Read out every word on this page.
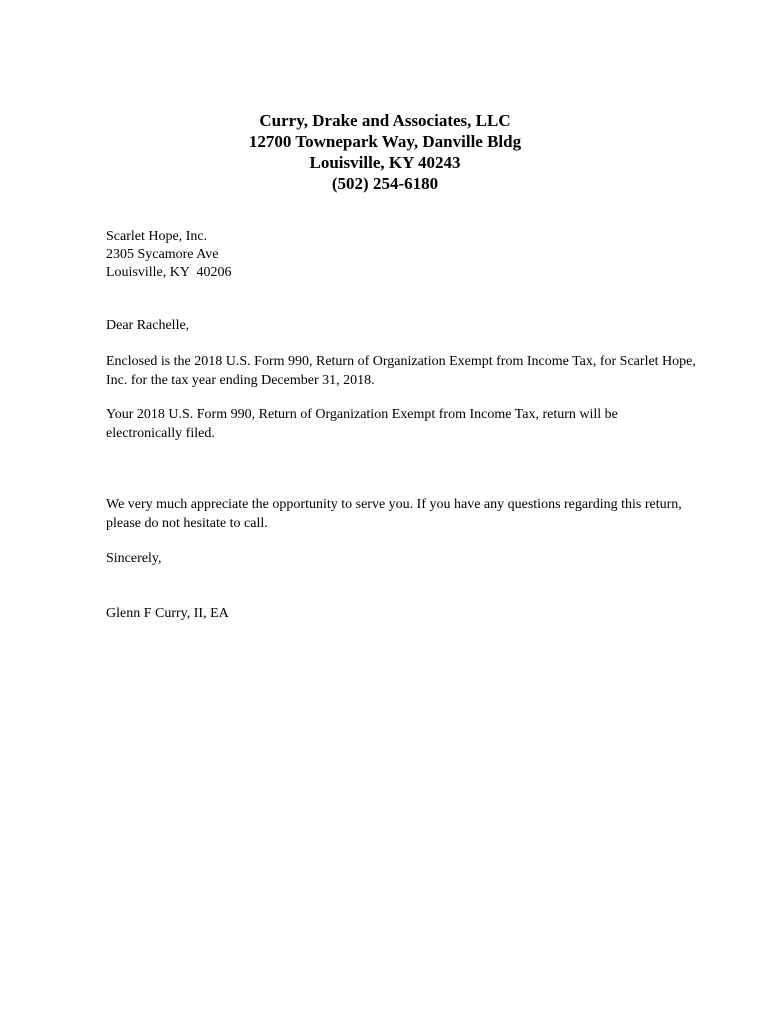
Curry, Drake and Associates, LLC
12700 Townepark Way, Danville Bldg
Louisville, KY 40243
(502) 254-6180
Scarlet Hope, Inc.
2305 Sycamore Ave
Louisville, KY  40206
Dear Rachelle,
Enclosed is the 2018 U.S. Form 990, Return of Organization Exempt from Income Tax, for Scarlet Hope, Inc. for the tax year ending December 31, 2018.
Your 2018 U.S. Form 990, Return of Organization Exempt from Income Tax, return will be electronically filed.
We very much appreciate the opportunity to serve you. If you have any questions regarding this return, please do not hesitate to call.
Sincerely,
Glenn F Curry, II, EA
